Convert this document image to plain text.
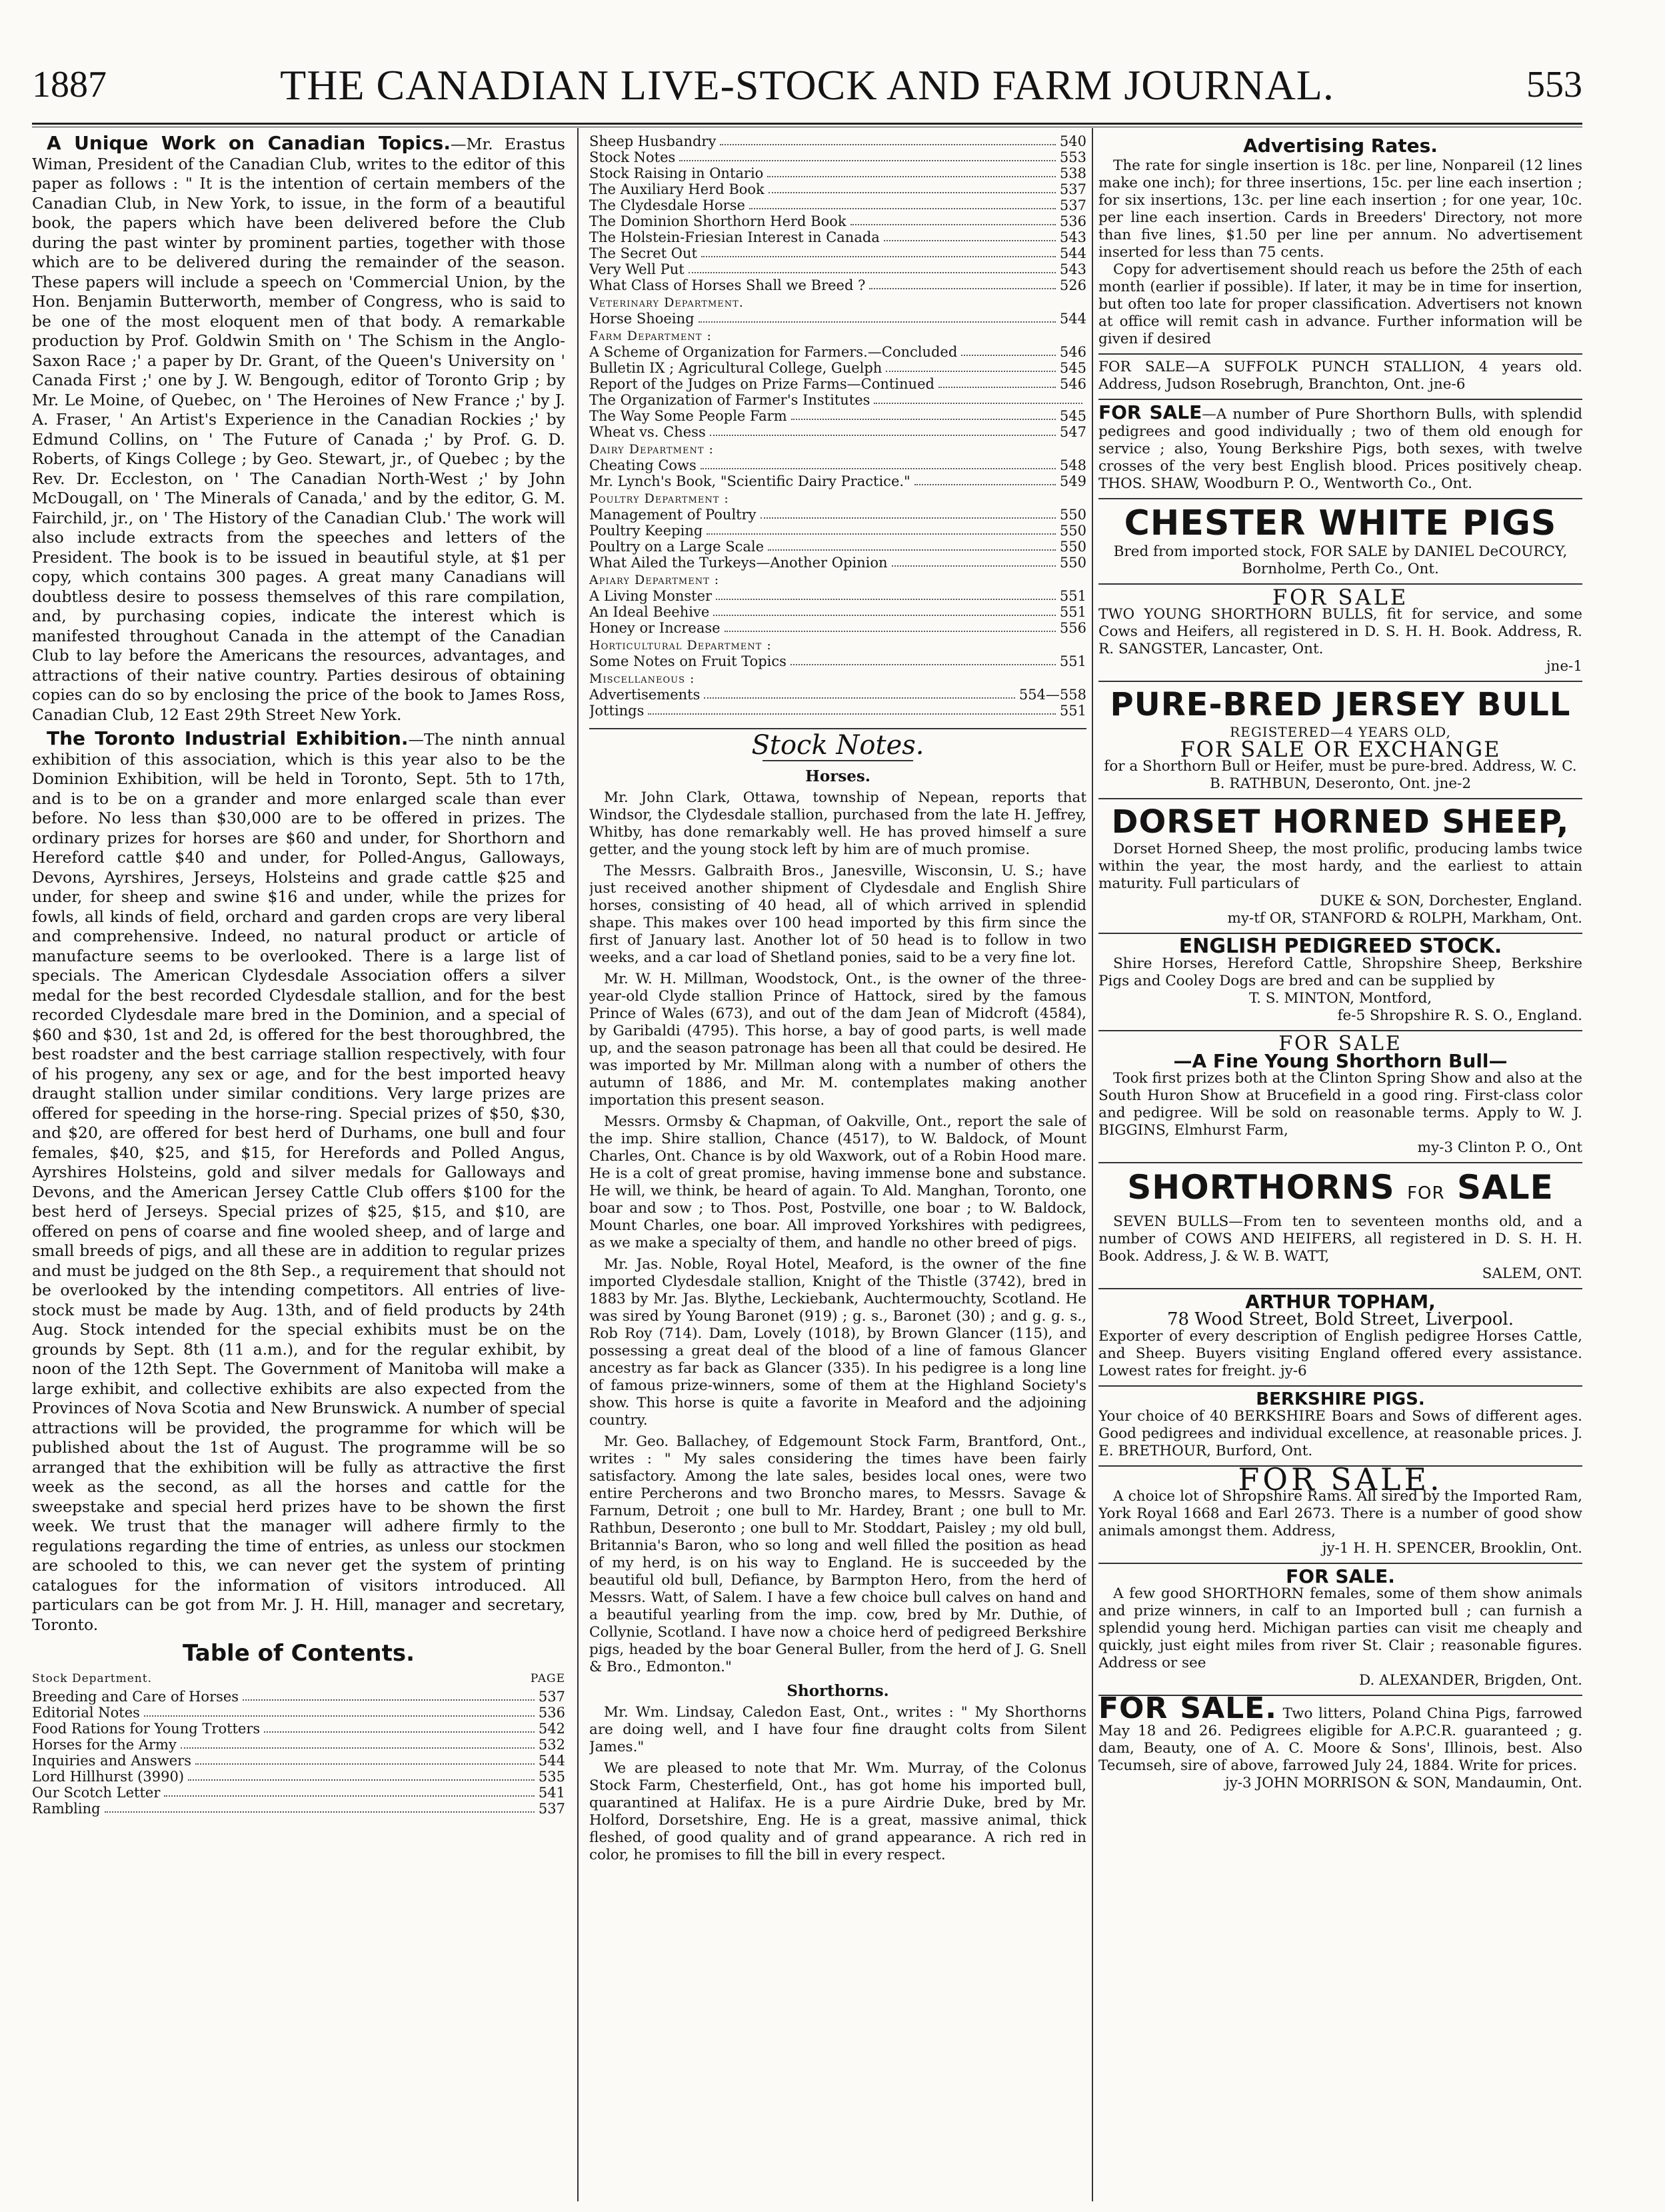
1887	THE CANADIAN LIVE-STOCK AND FARM JOURNAL.	553

A Unique Work on Canadian Topics.—Mr. Erastus Wiman, President of the Canadian Club, writes to the editor of this paper as follows : " It is the intention of certain members of the Canadian Club, in New York, to issue, in the form of a beautiful book, the papers which have been delivered before the Club during the past winter by prominent parties, together with those which are to be delivered during the remainder of the season. These papers will include a speech on 'Commercial Union, by the Hon. Benjamin Butterworth, member of Congress, who is said to be one of the most eloquent men of that body. A remarkable production by Prof. Goldwin Smith on ' The Schism in the Anglo-Saxon Race ;' a paper by Dr. Grant, of the Queen's University on ' Canada First ;' one by J. W. Bengough, editor of Toronto Grip ; by Mr. Le Moine, of Quebec, on ' The Heroines of New France ;' by J. A. Fraser, ' An Artist's Experience in the Canadian Rockies ;' by Edmund Collins, on ' The Future of Canada ;' by Prof. G. D. Roberts, of Kings College ; by Geo. Stewart, jr., of Quebec ; by the Rev. Dr. Eccleston, on ' The Canadian North-West ;' by John McDougall, on ' The Minerals of Canada,' and by the editor, G. M. Fairchild, jr., on ' The History of the Canadian Club.' The work will also include extracts from the speeches and letters of the President. The book is to be issued in beautiful style, at $1 per copy, which contains 300 pages. A great many Canadians will doubtless desire to possess themselves of this rare compilation, and, by purchasing copies, indicate the interest which is manifested throughout Canada in the attempt of the Canadian Club to lay before the Americans the resources, advantages, and attractions of their native country. Parties desirous of obtaining copies can do so by enclosing the price of the book to James Ross, Canadian Club, 12 East 29th Street New York.

The Toronto Industrial Exhibition.—The ninth annual exhibition of this association, which is this year also to be the Dominion Exhibition, will be held in Toronto, Sept. 5th to 17th, and is to be on a grander and more enlarged scale than ever before. No less than $30,000 are to be offered in prizes. The ordinary prizes for horses are $60 and under, for Shorthorn and Hereford cattle $40 and under, for Polled-Angus, Galloways, Devons, Ayrshires, Jerseys, Holsteins and grade cattle $25 and under, for sheep and swine $16 and under, while the prizes for fowls, all kinds of field, orchard and garden crops are very liberal and comprehensive. Indeed, no natural product or article of manufacture seems to be overlooked. There is a large list of specials. The American Clydesdale Association offers a silver medal for the best recorded Clydesdale stallion, and for the best recorded Clydesdale mare bred in the Dominion, and a special of $60 and $30, 1st and 2d, is offered for the best thoroughbred, the best roadster and the best carriage stallion respectively, with four of his progeny, any sex or age, and for the best imported heavy draught stallion under similar conditions. Very large prizes are offered for speeding in the horse-ring. Special prizes of $50, $30, and $20, are offered for best herd of Durhams, one bull and four females, $40, $25, and $15, for Herefords and Polled Angus, Ayrshires Holsteins, gold and silver medals for Galloways and Devons, and the American Jersey Cattle Club offers $100 for the best herd of Jerseys. Special prizes of $25, $15, and $10, are offered on pens of coarse and fine wooled sheep, and of large and small breeds of pigs, and all these are in addition to regular prizes and must be judged on the 8th Sep., a requirement that should not be overlooked by the intending competitors. All entries of live-stock must be made by Aug. 13th, and of field products by 24th Aug. Stock intended for the special exhibits must be on the grounds by Sept. 8th (11 a.m.), and for the regular exhibit, by noon of the 12th Sept. The Government of Manitoba will make a large exhibit, and collective exhibits are also expected from the Provinces of Nova Scotia and New Brunswick. A number of special attractions will be provided, the programme for which will be published about the 1st of August. The programme will be so arranged that the exhibition will be fully as attractive the first week as the second, as all the horses and cattle for the sweepstake and special herd prizes have to be shown the first week. We trust that the manager will adhere firmly to the regulations regarding the time of entries, as unless our stockmen are schooled to this, we can never get the system of printing catalogues for the information of visitors introduced. All particulars can be got from Mr. J. H. Hill, manager and secretary, Toronto.

Table of Contents.
Stock Department.	PAGE
Breeding and Care of Horses	537
Editorial Notes	536
Food Rations for Young Trotters	542
Horses for the Army	532
Inquiries and Answers	544
Lord Hillhurst (3990)	535
Our Scotch Letter	541
Rambling	537
Sheep Husbandry	540
Stock Notes	553
Stock Raising in Ontario	538
The Auxiliary Herd Book	537
The Clydesdale Horse	537
The Dominion Shorthorn Herd Book	536
The Holstein-Friesian Interest in Canada	543
The Secret Out	544
Very Well Put	543
What Class of Horses Shall we Breed ?	526
Veterinary Department.
Horse Shoeing	544
Farm Department :
A Scheme of Organization for Farmers.—Concluded	546
Bulletin IX ; Agricultural College, Guelph	545
Report of the Judges on Prize Farms—Continued	546
The Organization of Farmer's Institutes
The Way Some People Farm	545
Wheat vs. Chess	547
Dairy Department :
Cheating Cows	548
Mr. Lynch's Book, "Scientific Dairy Practice."	549
Poultry Department :
Management of Poultry	550
Poultry Keeping	550
Poultry on a Large Scale	550
What Ailed the Turkeys—Another Opinion	550
Apiary Department :
A Living Monster	551
An Ideal Beehive	551
Honey or Increase	556
Horticultural Department :
Some Notes on Fruit Topics	551
Miscellaneous :
Advertisements	554—558
Jottings	551
Stock Notes.
Horses.

Mr. John Clark, Ottawa, township of Nepean, reports that Windsor, the Clydesdale stallion, purchased from the late H. Jeffrey, Whitby, has done remarkably well. He has proved himself a sure getter, and the young stock left by him are of much promise.

The Messrs. Galbraith Bros., Janesville, Wisconsin, U. S.; have just received another shipment of Clydesdale and English Shire horses, consisting of 40 head, all of which arrived in splendid shape. This makes over 100 head imported by this firm since the first of January last. Another lot of 50 head is to follow in two weeks, and a car load of Shetland ponies, said to be a very fine lot.

Mr. W. H. Millman, Woodstock, Ont., is the owner of the three-year-old Clyde stallion Prince of Hattock, sired by the famous Prince of Wales (673), and out of the dam Jean of Midcroft (4584), by Garibaldi (4795). This horse, a bay of good parts, is well made up, and the season patronage has been all that could be desired. He was imported by Mr. Millman along with a number of others the autumn of 1886, and Mr. M. contemplates making another importation this present season.

Messrs. Ormsby & Chapman, of Oakville, Ont., report the sale of the imp. Shire stallion, Chance (4517), to W. Baldock, of Mount Charles, Ont. Chance is by old Waxwork, out of a Robin Hood mare. He is a colt of great promise, having immense bone and substance. He will, we think, be heard of again. To Ald. Manghan, Toronto, one boar and sow ; to Thos. Post, Postville, one boar ; to W. Baldock, Mount Charles, one boar. All improved Yorkshires with pedigrees, as we make a specialty of them, and handle no other breed of pigs.

Mr. Jas. Noble, Royal Hotel, Meaford, is the owner of the fine imported Clydesdale stallion, Knight of the Thistle (3742), bred in 1883 by Mr. Jas. Blythe, Leckiebank, Auchtermouchty, Scotland. He was sired by Young Baronet (919) ; g. s., Baronet (30) ; and g. g. s., Rob Roy (714). Dam, Lovely (1018), by Brown Glancer (115), and possessing a great deal of the blood of a line of famous Glancer ancestry as far back as Glancer (335). In his pedigree is a long line of famous prize-winners, some of them at the Highland Society's show. This horse is quite a favorite in Meaford and the adjoining country.

Mr. Geo. Ballachey, of Edgemount Stock Farm, Brantford, Ont., writes : " My sales considering the times have been fairly satisfactory. Among the late sales, besides local ones, were two entire Percherons and two Broncho mares, to Messrs. Savage & Farnum, Detroit ; one bull to Mr. Hardey, Brant ; one bull to Mr. Rathbun, Deseronto ; one bull to Mr. Stoddart, Paisley ; my old bull, Britannia's Baron, who so long and well filled the position as head of my herd, is on his way to England. He is succeeded by the beautiful old bull, Defiance, by Barmpton Hero, from the herd of Messrs. Watt, of Salem. I have a few choice bull calves on hand and a beautiful yearling from the imp. cow, bred by Mr. Duthie, of Collynie, Scotland. I have now a choice herd of pedigreed Berkshire pigs, headed by the boar General Buller, from the herd of J. G. Snell & Bro., Edmonton."

Shorthorns.

Mr. Wm. Lindsay, Caledon East, Ont., writes : " My Shorthorns are doing well, and I have four fine draught colts from Silent James."

We are pleased to note that Mr. Wm. Murray, of the Colonus Stock Farm, Chesterfield, Ont., has got home his imported bull, quarantined at Halifax. He is a pure Airdrie Duke, bred by Mr. Holford, Dorsetshire, Eng. He is a great, massive animal, thick fleshed, of good quality and of grand appearance. A rich red in color, he promises to fill the bill in every respect.

Advertising Rates.

The rate for single insertion is 18c. per line, Nonpareil (12 lines make one inch); for three insertions, 15c. per line each insertion ; for six insertions, 13c. per line each insertion ; for one year, 10c. per line each insertion. Cards in Breeders' Directory, not more than five lines, $1.50 per line per annum. No advertisement inserted for less than 75 cents.

Copy for advertisement should reach us before the 25th of each month (earlier if possible). If later, it may be in time for insertion, but often too late for proper classification. Advertisers not known at office will remit cash in advance. Further information will be given if desired

FOR SALE—A SUFFOLK PUNCH STALLION, 4 years old. Address, Judson Rosebrugh, Branchton, Ont. jne-6

FOR SALE—A number of Pure Shorthorn Bulls, with splendid pedigrees and good individually ; two of them old enough for service ; also, Young Berkshire Pigs, both sexes, with twelve crosses of the very best English blood. Prices positively cheap. THOS. SHAW, Woodburn P. O., Wentworth Co., Ont.

CHESTER WHITE PIGS

Bred from imported stock, FOR SALE by DANIEL DeCOURCY, Bornholme, Perth Co., Ont.

FOR SALE

TWO YOUNG SHORTHORN BULLS, fit for service, and some Cows and Heifers, all registered in D. S. H. H. Book. Address, R. R. SANGSTER, Lancaster, Ont.

jne-1

PURE-BRED JERSEY BULL
REGISTERED—4 YEARS OLD,
FOR SALE OR EXCHANGE

for a Shorthorn Bull or Heifer, must be pure-bred. Address, W. C. B. RATHBUN, Deseronto, Ont. jne-2

DORSET HORNED SHEEP,

Dorset Horned Sheep, the most prolific, producing lambs twice within the year, the most hardy, and the earliest to attain maturity. Full particulars of

DUKE & SON, Dorchester, England.

my-tf OR, STANFORD & ROLPH, Markham, Ont.

ENGLISH PEDIGREED STOCK.

Shire Horses, Hereford Cattle, Shropshire Sheep, Berkshire Pigs and Cooley Dogs are bred and can be supplied by

T. S. MINTON, Montford,

fe-5 Shropshire R. S. O., England.

FOR SALE
—A Fine Young Shorthorn Bull—

Took first prizes both at the Clinton Spring Show and also at the South Huron Show at Brucefield in a good ring. First-class color and pedigree. Will be sold on reasonable terms. Apply to W. J. BIGGINS, Elmhurst Farm,

my-3 Clinton P. O., Ont

SHORTHORNS FOR SALE

SEVEN BULLS—From ten to seventeen months old, and a number of COWS AND HEIFERS, all registered in D. S. H. H. Book. Address, J. & W. B. WATT,

SALEM, ONT.

ARTHUR TOPHAM,
78 Wood Street, Bold Street, Liverpool.

Exporter of every description of English pedigree Horses Cattle, and Sheep. Buyers visiting England offered every assistance. Lowest rates for freight. jy-6

BERKSHIRE PIGS.

Your choice of 40 BERKSHIRE Boars and Sows of different ages. Good pedigrees and individual excellence, at reasonable prices. J. E. BRETHOUR, Burford, Ont.

FOR SALE.

A choice lot of Shropshire Rams. All sired by the Imported Ram, York Royal 1668 and Earl 2673. There is a number of good show animals amongst them. Address,

jy-1 H. H. SPENCER, Brooklin, Ont.

FOR SALE.

A few good SHORTHORN females, some of them show animals and prize winners, in calf to an Imported bull ; can furnish a splendid young herd. Michigan parties can visit me cheaply and quickly, just eight miles from river St. Clair ; reasonable figures. Address or see

D. ALEXANDER, Brigden, Ont.

FOR SALE. Two litters, Poland China Pigs, farrowed May 18 and 26. Pedigrees eligible for A.P.C.R. guaranteed ; g. dam, Beauty, one of A. C. Moore & Sons', Illinois, best. Also Tecumseh, sire of above, farrowed July 24, 1884. Write for prices.

jy-3 JOHN MORRISON & SON, Mandaumin, Ont.
